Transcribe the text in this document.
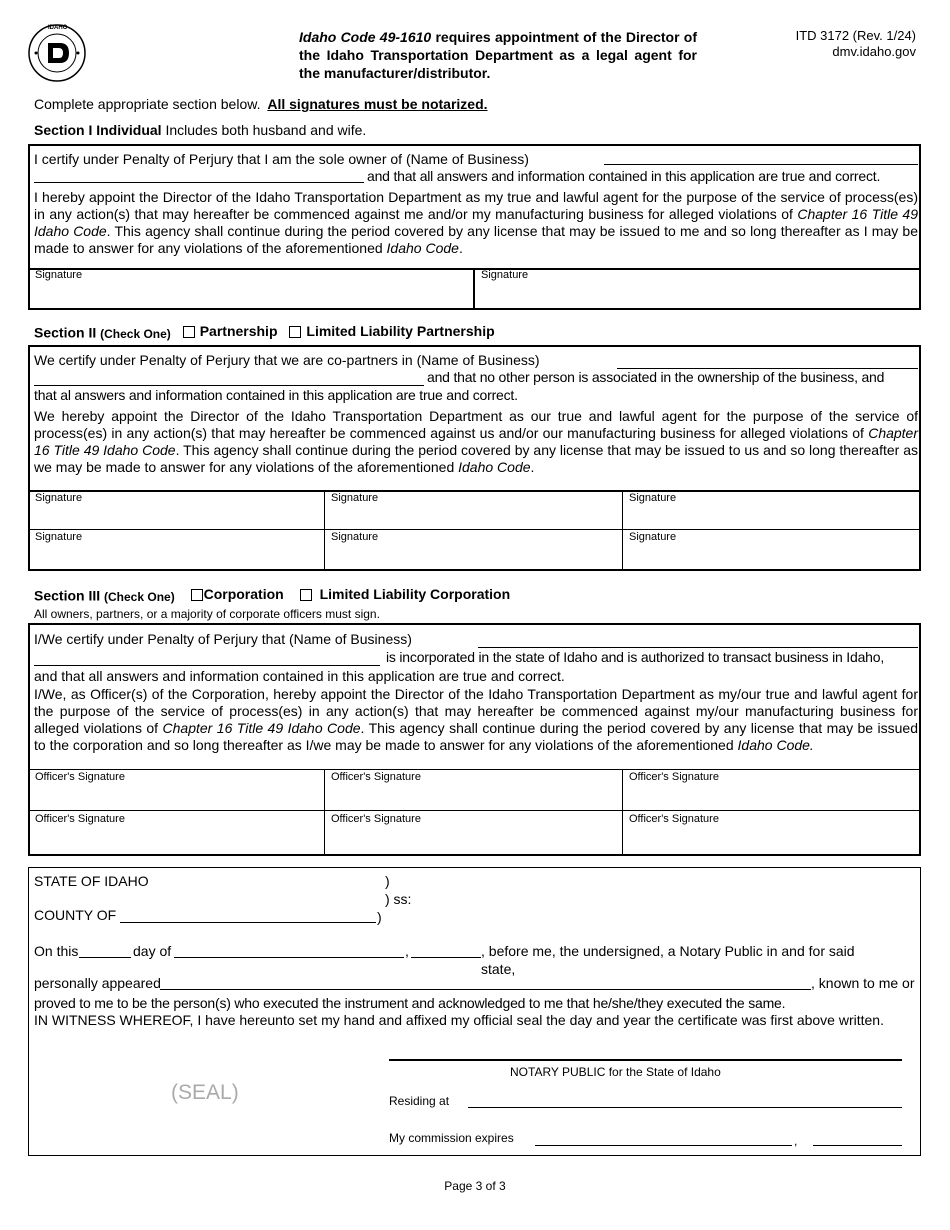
IDAHO
Idaho Code 49-1610 requires appointment of the Director of the Idaho Transportation Department as a legal agent for the manufacturer/distributor.
ITD 3172 (Rev. 1/24)
dmv.idaho.gov
Complete appropriate section below. All signatures must be notarized.
Section I Individual Includes both husband and wife.
I certify under Penalty of Perjury that I am the sole owner of (Name of Business)
and that all answers and information contained in this application are true and correct.
I hereby appoint the Director of the Idaho Transportation Department as my true and lawful agent for the purpose of the service of process(es) in any action(s) that may hereafter be commenced against me and/or my manufacturing business for alleged violations of Chapter 16 Title 49 Idaho Code. This agency shall continue during the period covered by any license that may be issued to me and so long thereafter as I may be made to answer for any violations of the aforementioned Idaho Code.
Signature	Signature
Section II (Check One) Partnership
Limited Liability Partnership
We certify under Penalty of Perjury that we are co-partners in (Name of Business)
and that no other person is associated in the ownership of the business, and
that al answers and information contained in this application are true and correct.
We hereby appoint the Director of the Idaho Transportation Department as our true and lawful agent for the purpose of the service of process(es) in any action(s) that may hereafter be commenced against us and/or our manufacturing business for alleged violations of Chapter 16 Title 49 Idaho Code. This agency shall continue during the period covered by any license that may be issued to us and so long thereafter as we may be made to answer for any violations of the aforementioned Idaho Code.
Signature	Signature	Signature
Signature	Signature	Signature
Section III (Check One) Corporation
	Limited Liability Corporation
All owners, partners, or a majority of corporate officers must sign.
I/We certify under Penalty of Perjury that (Name of Business)
is incorporated in the state of Idaho and is authorized to transact business in Idaho,
and that all answers and information contained in this application are true and correct.
I/We, as Officer(s) of the Corporation, hereby appoint the Director of the Idaho Transportation Department as my/our true and lawful agent for the purpose of the service of process(es) in any action(s) that may hereafter be commenced against my/our manufacturing business for alleged violations of Chapter 16 Title 49 Idaho Code. This agency shall continue during the period covered by any license that may be issued to the corporation and so long thereafter as I/we may be made to answer for any violations of the aforementioned Idaho Code.
Officer's Signature	Officer's Signature	Officer's Signature
Officer's Signature	Officer's Signature	Officer's Signature
STATE OF IDAHO	)
) ss:
COUNTY OF	)
On this	day of	,	, before me, the undersigned, a Notary Public in and for said
state,
personally appeared	, known to me or
proved to me to be the person(s) who executed the instrument and acknowledged to me that he/she/they executed the same.
IN WITNESS WHEREOF, I have hereunto set my hand and affixed my official seal the day and year the certificate was first above written.
(SEAL)
NOTARY PUBLIC for the State of Idaho
Residing at
My commission expires	,
Page 3 of 3
